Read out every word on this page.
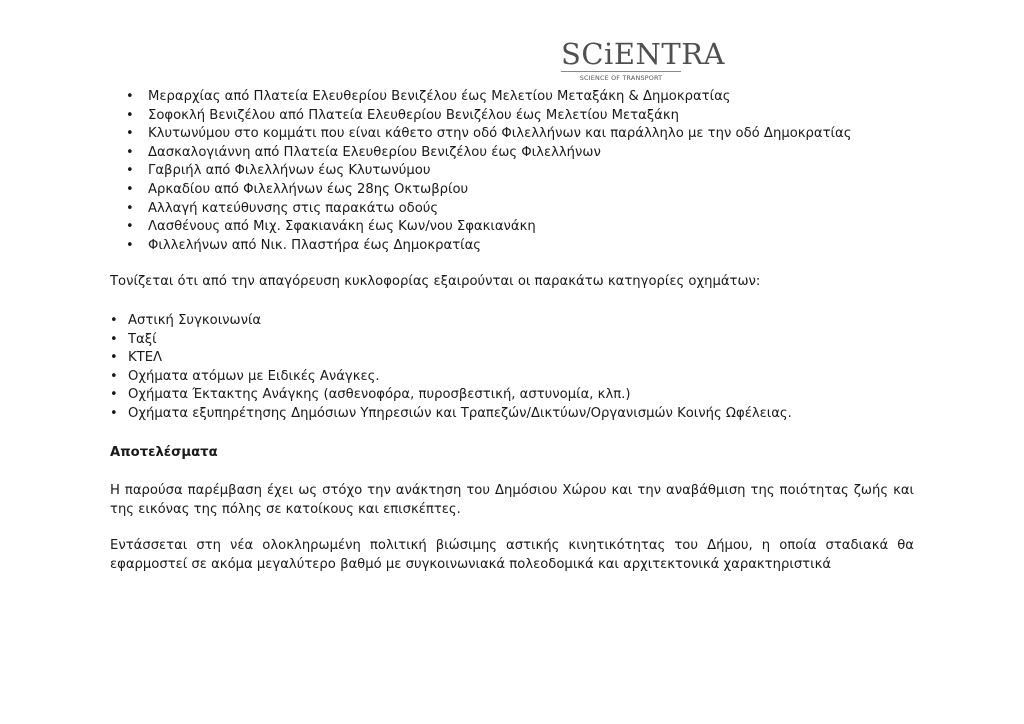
SCiENTRA
SCIENCE OF TRANSPORT
• Μεραρχίας από Πλατεία Ελευθερίου Βενιζέλου έως Μελετίου Μεταξάκη & Δημοκρατίας
• Σοφοκλή Βενιζέλου από Πλατεία Ελευθερίου Βενιζέλου έως Μελετίου Μεταξάκη
• Κλυτωνύμου στο κομμάτι που είναι κάθετο στην οδό Φιλελλήνων και παράλληλο με την οδό Δημοκρατίας
• Δασκαλογιάννη από Πλατεία Ελευθερίου Βενιζέλου έως Φιλελλήνων
• Γαβριήλ από Φιλελλήνων έως Κλυτωνύμου
• Αρκαδίου από Φιλελλήνων έως 28ης Οκτωβρίου
• Αλλαγή κατεύθυνσης στις παρακάτω οδούς
• Λασθένους από Μιχ. Σφακιανάκη έως Κων/νου Σφακιανάκη
• Φιλλελήνων από Νικ. Πλαστήρα έως Δημοκρατίας

Τονίζεται ότι από την απαγόρευση κυκλοφορίας εξαιρούνται οι παρακάτω κατηγορίες οχημάτων:

• Αστική Συγκοινωνία
• Ταξί
• ΚΤΕΛ
• Οχήματα ατόμων με Ειδικές Ανάγκες.
• Οχήματα Έκτακτης Ανάγκης (ασθενοφόρα, πυροσβεστική, αστυνομία, κλπ.)
• Οχήματα εξυπηρέτησης Δημόσιων Υπηρεσιών και Τραπεζών/Δικτύων/Οργανισμών Κοινής Ωφέλειας.

Αποτελέσματα

Η παρούσα παρέμβαση έχει ως στόχο την ανάκτηση του Δημόσιου Χώρου και την αναβάθμιση της ποιότητας ζωής και της εικόνας της πόλης σε κατοίκους και επισκέπτες.

Εντάσσεται στη νέα ολοκληρωμένη πολιτική βιώσιμης αστικής κινητικότητας του Δήμου, η οποία σταδιακά θα εφαρμοστεί σε ακόμα μεγαλύτερο βαθμό με συγκοινωνιακά πολεοδομικά και αρχιτεκτονικά χαρακτηριστικά
